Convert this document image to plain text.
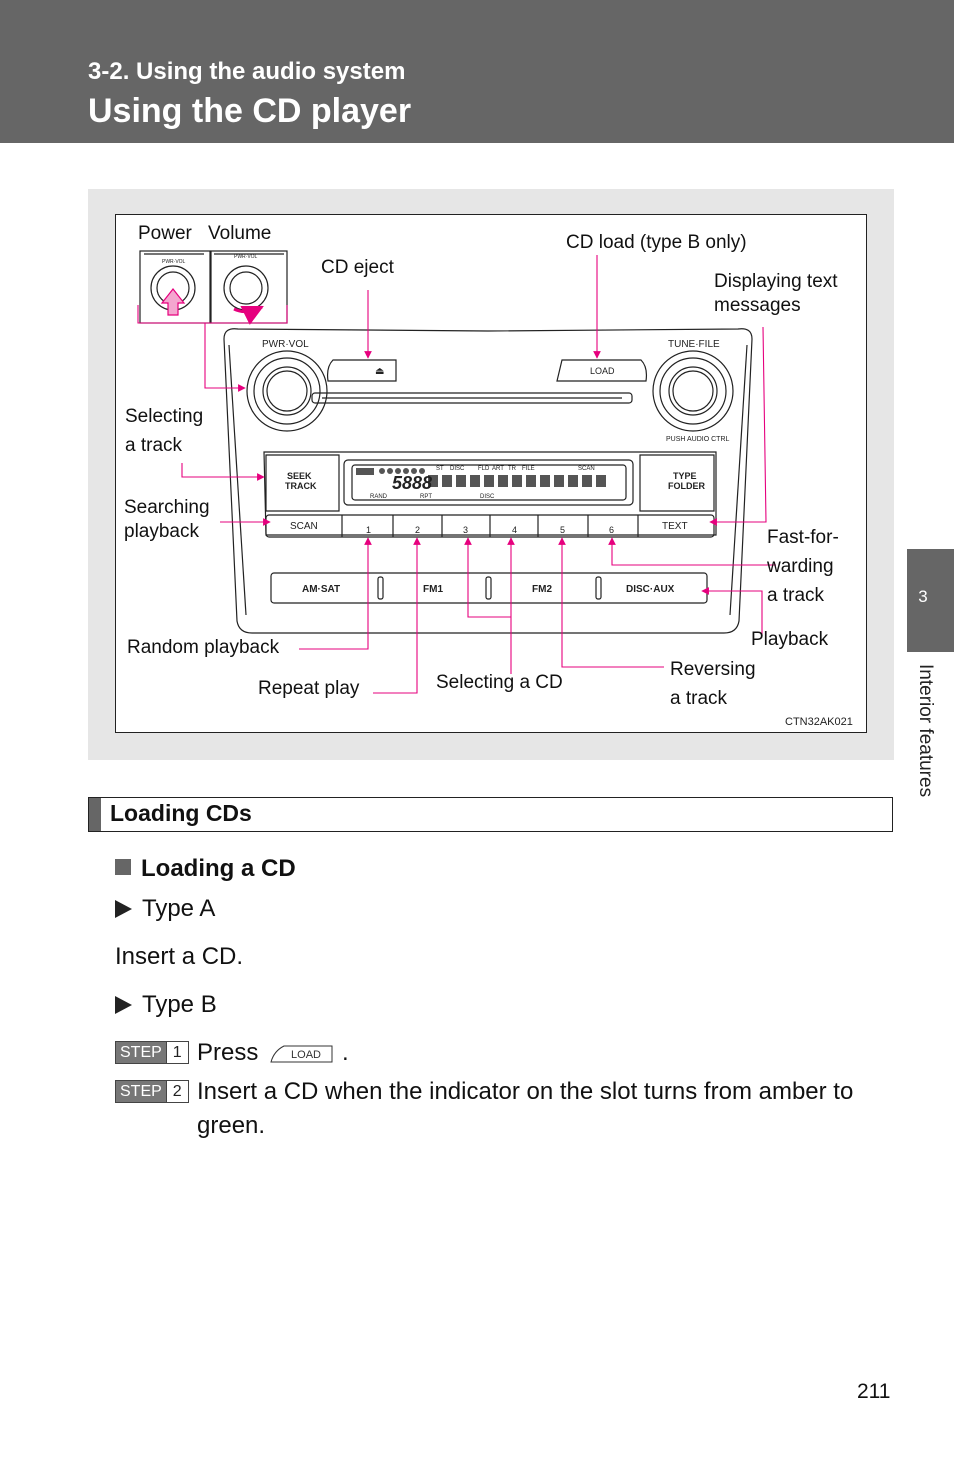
3-2. Using the audio system
Using the CD player
3
Interior features
PWR·VOL	TUNE·FILE
PUSH AUDIO CTRL
LOAD
⏏
SEEK
TRACK
TYPE
FOLDER
SCAN	TEXT
1	2	3	4	5	6
AM·SAT	FM1	FM2	DISC·AUX
5888
ST DISC FLD ART TR FILE	SCAN
RAND	RPT	DISC
PWR·VOL
PWR·VOL
Power Volume
CD eject
CD load (type B only)
Displaying text
messages
Selecting
a track
Searching
playback	Fast-for-
warding
a track
Playback
Random playback
Repeat play	Selecting a CD
Reversing
a track
CTN32AK021
Loading CDs
Loading a CD
Type A
Insert a CD.
Type B
STEP 1 Press	LOAD .
STEP 2 Insert a CD when the indicator on the slot turns from amber to green.
211
